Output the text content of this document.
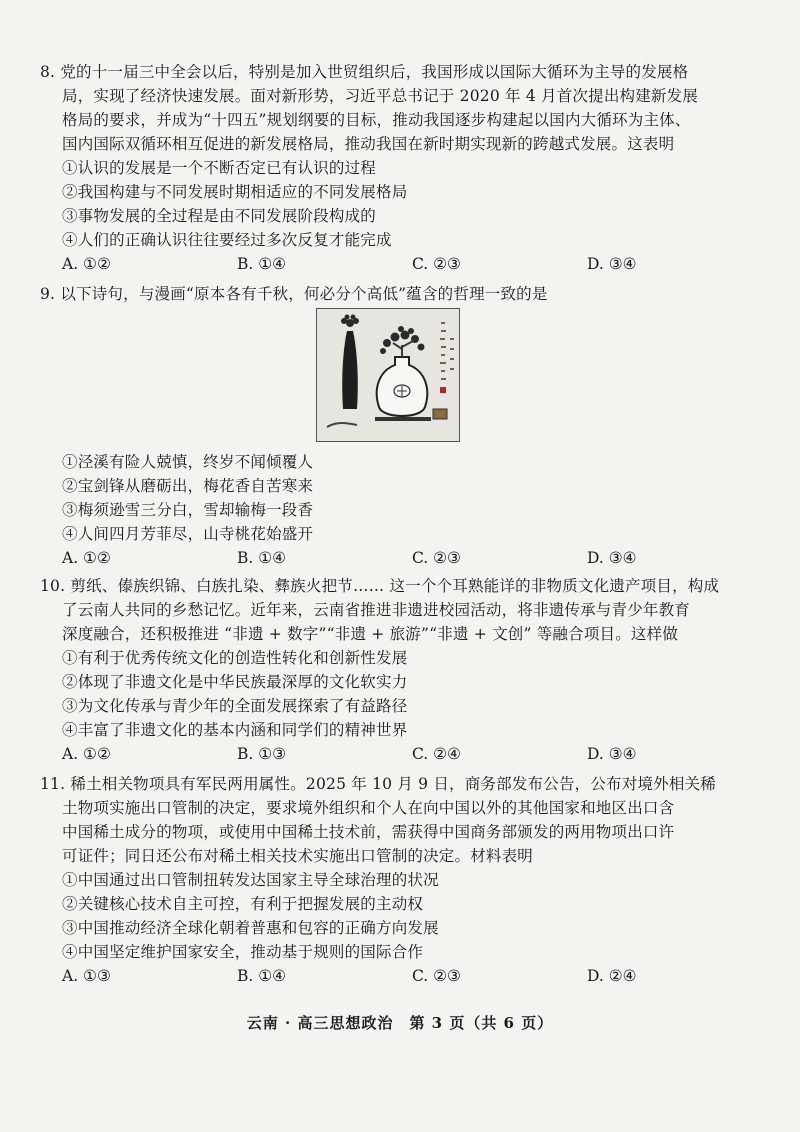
8. 党的十一届三中全会以后，特别是加入世贸组织后，我国形成以国际大循环为主导的发展格
局，实现了经济快速发展。面对新形势，习近平总书记于 2020 年 4 月首次提出构建新发展
格局的要求，并成为“十四五”规划纲要的目标，推动我国逐步构建起以国内大循环为主体、
国内国际双循环相互促进的新发展格局，推动我国在新时期实现新的跨越式发展。这表明
①认识的发展是一个不断否定已有认识的过程
②我国构建与不同发展时期相适应的不同发展格局
③事物发展的全过程是由不同发展阶段构成的
④人们的正确认识往往要经过多次反复才能完成
A. ①②	B. ①④	C. ②③	D. ③④
9. 以下诗句，与漫画“原本各有千秋，何必分个高低”蕴含的哲理一致的是
①泾溪有险人兢慎，终岁不闻倾覆人
②宝剑锋从磨砺出，梅花香自苦寒来
③梅须逊雪三分白，雪却输梅一段香
④人间四月芳菲尽，山寺桃花始盛开
A. ①②	B. ①④	C. ②③	D. ③④
10. 剪纸、傣族织锦、白族扎染、彝族火把节…… 这一个个耳熟能详的非物质文化遗产项目，构成
了云南人共同的乡愁记忆。近年来，云南省推进非遗进校园活动，将非遗传承与青少年教育
深度融合，还积极推进 “非遗 + 数字”“非遗 + 旅游”“非遗 + 文创” 等融合项目。这样做
①有利于优秀传统文化的创造性转化和创新性发展
②体现了非遗文化是中华民族最深厚的文化软实力
③为文化传承与青少年的全面发展探索了有益路径
④丰富了非遗文化的基本内涵和同学们的精神世界
A. ①②	B. ①③	C. ②④	D. ③④
11. 稀土相关物项具有军民两用属性。2025 年 10 月 9 日，商务部发布公告，公布对境外相关稀
土物项实施出口管制的决定，要求境外组织和个人在向中国以外的其他国家和地区出口含
中国稀土成分的物项，或使用中国稀土技术前，需获得中国商务部颁发的两用物项出口许
可证件；同日还公布对稀土相关技术实施出口管制的决定。材料表明
①中国通过出口管制扭转发达国家主导全球治理的状况
②关键核心技术自主可控，有利于把握发展的主动权
③中国推动经济全球化朝着普惠和包容的正确方向发展
④中国坚定维护国家安全，推动基于规则的国际合作
A. ①③	B. ①④	C. ②③	D. ②④
云南 · 高三思想政治　第 3 页（共 6 页）
